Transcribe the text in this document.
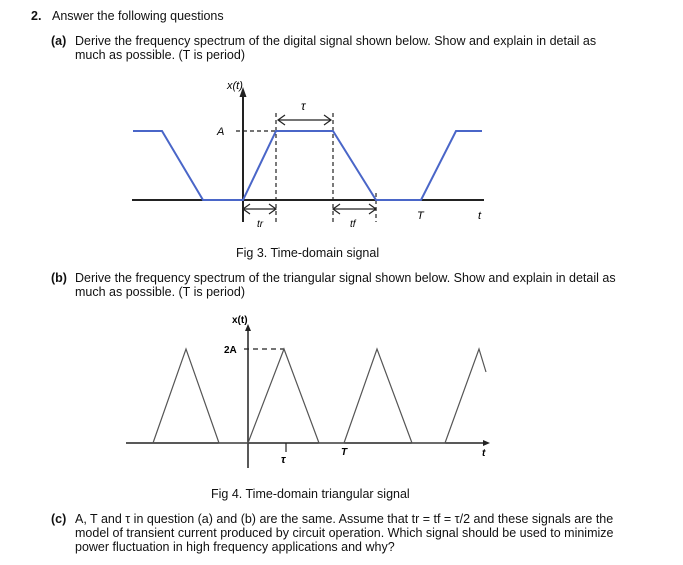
2. Answer the following questions
(a) Derive the frequency spectrum of the digital signal shown below. Show and explain in detail as
much as possible. (T is period)
x(t)
A
τ
tr	tf
T	t
Fig 3. Time-domain signal
(b) Derive the frequency spectrum of the triangular signal shown below. Show and explain in detail as
much as possible. (T is period)
x(t)
2A
τ
T	t
Fig 4. Time-domain triangular signal
(c) A, T and τ in question (a) and (b) are the same. Assume that tr = tf = τ/2 and these signals are the
model of transient current produced by circuit operation. Which signal should be used to minimize
power fluctuation in high frequency applications and why?
